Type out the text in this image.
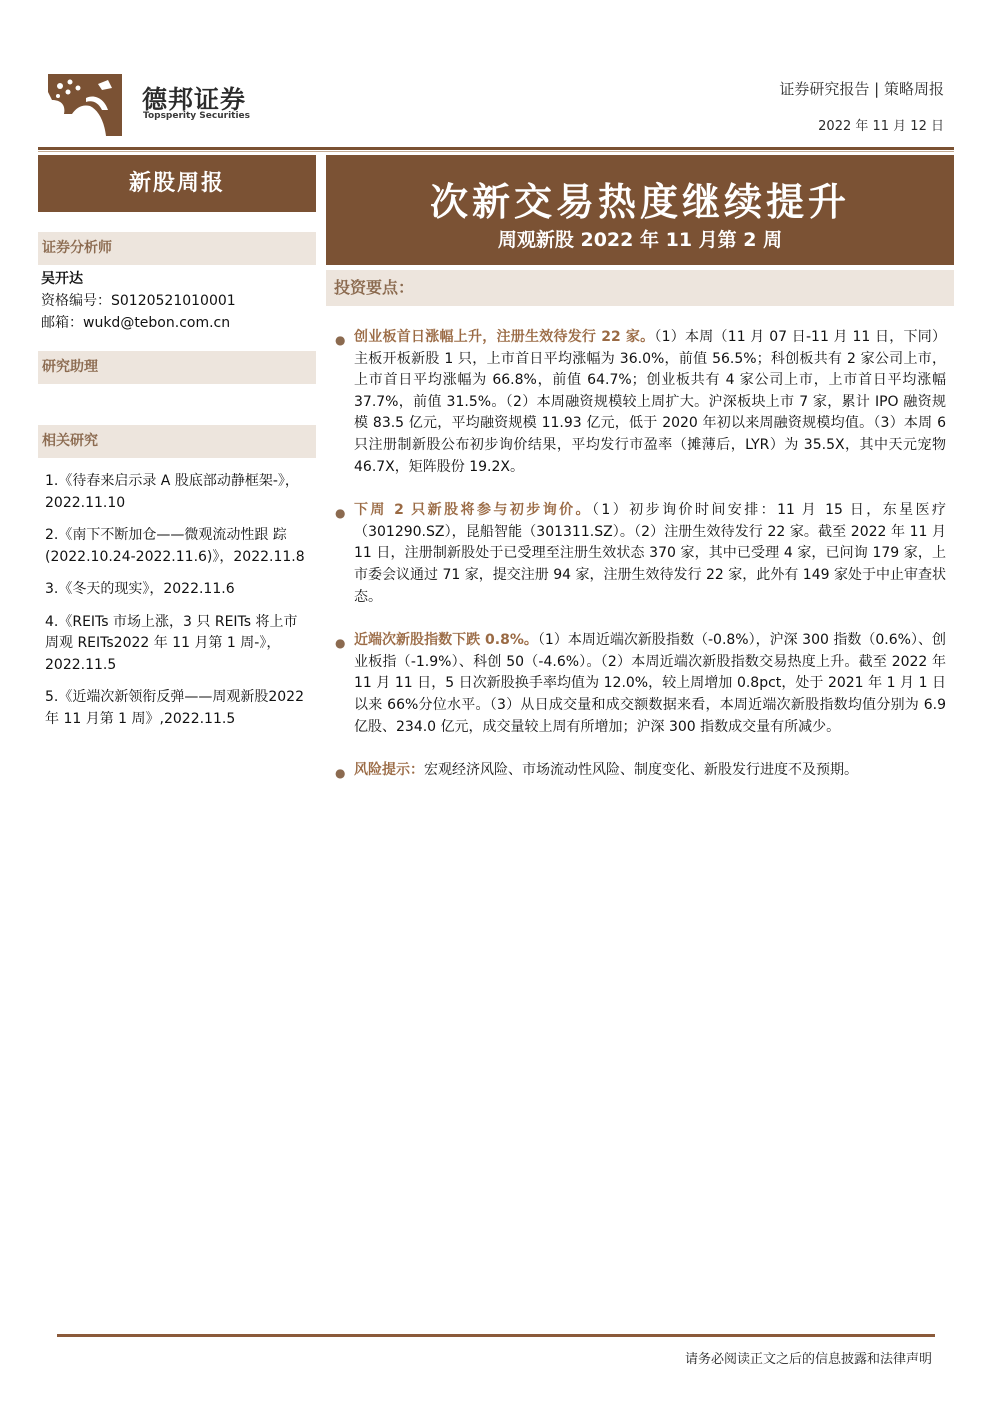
德邦证券
Topsperity Securities
证券研究报告 | 策略周报
2022 年 11 月 12 日
新股周报
证券分析师
吴开达
资格编号：S0120521010001
邮箱：wukd@tebon.com.cn
研究助理
相关研究
1.《待春来启示录 A 股底部动静框架-》，2022.11.10
2.《南下不断加仓——微观流动性跟 踪 (2022.10.24-2022.11.6)》，2022.11.8
3.《冬天的现实》，2022.11.6
4.《REITs 市场上涨，3 只 REITs 将上市周观 REITs2022 年 11 月第 1 周-》，2022.11.5
5.《近端次新领衔反弹——周观新股2022 年 11 月第 1 周》,2022.11.5
次新交易热度继续提升
周观新股 2022 年 11 月第 2 周
投资要点：
● 创业板首日涨幅上升，注册生效待发行 22 家。（1）本周（11 月 07 日-11 月 11 日，下同）主板开板新股 1 只，上市首日平均涨幅为 36.0%，前值 56.5%；科创板共有 2 家公司上市，上市首日平均涨幅为 66.8%，前值 64.7%；创业板共有 4 家公司上市，上市首日平均涨幅 37.7%，前值 31.5%。（2）本周融资规模较上周扩大。沪深板块上市 7 家，累计 IPO 融资规模 83.5 亿元，平均融资规模 11.93 亿元，低于 2020 年初以来周融资规模均值。（3）本周 6 只注册制新股公布初步询价结果，平均发行市盈率（摊薄后，LYR）为 35.5X，其中天元宠物 46.7X，矩阵股份 19.2X。
● 下周 2 只新股将参与初步询价。（1）初步询价时间安排：11 月 15 日，东星医疗（301290.SZ），昆船智能（301311.SZ）。（2）注册生效待发行 22 家。截至 2022 年 11 月 11 日，注册制新股处于已受理至注册生效状态 370 家，其中已受理 4 家，已问询 179 家，上市委会议通过 71 家，提交注册 94 家，注册生效待发行 22 家，此外有 149 家处于中止审查状态。
● 近端次新股指数下跌 0.8%。（1）本周近端次新股指数（-0.8%），沪深 300 指数（0.6%）、创业板指（-1.9%）、科创 50（-4.6%）。（2）本周近端次新股指数交易热度上升。截至 2022 年 11 月 11 日，5 日次新股换手率均值为 12.0%，较上周增加 0.8pct，处于 2021 年 1 月 1 日以来 66%分位水平。（3）从日成交量和成交额数据来看，本周近端次新股指数均值分别为 6.9 亿股、234.0 亿元，成交量较上周有所增加；沪深 300 指数成交量有所减少。
● 风险提示：宏观经济风险、市场流动性风险、制度变化、新股发行进度不及预期。
请务必阅读正文之后的信息披露和法律声明
